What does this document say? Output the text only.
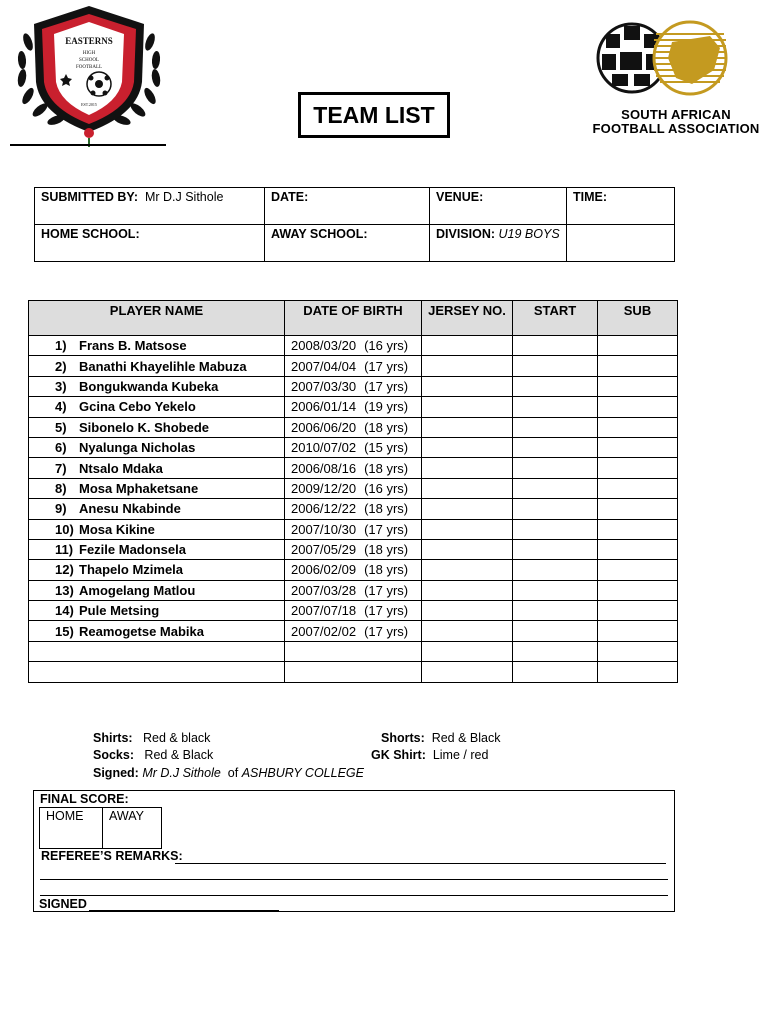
EASTERNS
HIGH
SCHOOL
FOOTBALL
EST.2015
SOUTH AFRICAN
FOOTBALL ASSOCIATION
TEAM LIST
SUBMITTED BY: Mr D.J Sithole	DATE:	VENUE:	TIME:
HOME SCHOOL:	AWAY SCHOOL:	DIVISION: U19 BOYS	
PLAYER NAME	DATE OF BIRTH	JERSEY NO.	START	SUB
1) Frans B. Matsose	2008/03/20 (16 yrs)			
2) Banathi Khayelihle Mabuza	2007/04/04 (17 yrs)			
3) Bongukwanda Kubeka	2007/03/30 (17 yrs)			
4) Gcina Cebo Yekelo	2006/01/14 (19 yrs)			
5) Sibonelo K. Shobede	2006/06/20 (18 yrs)			
6) Nyalunga Nicholas	2010/07/02 (15 yrs)			
7) Ntsalo Mdaka	2006/08/16 (18 yrs)			
8) Mosa Mphaketsane	2009/12/20 (16 yrs)			
9) Anesu Nkabinde	2006/12/22 (18 yrs)			
10) Mosa Kikine	2007/10/30 (17 yrs)			
11) Fezile Madonsela	2007/05/29 (18 yrs)			
12) Thapelo Mzimela	2006/02/09 (18 yrs)			
13) Amogelang Matlou	2007/03/28 (17 yrs)			
14) Pule Metsing	2007/07/18 (17 yrs)			
15) Reamogetse Mabika	2007/02/02 (17 yrs)			

Shirts: Red & black
Socks: Red & Black
Signed: Mr D.J Sithole of ASHBURY COLLEGE
Shorts: Red & Black
GK Shirt: Lime / red
FINAL SCORE:
HOME	AWAY
REFEREE’S REMARKS:
SIGNED
